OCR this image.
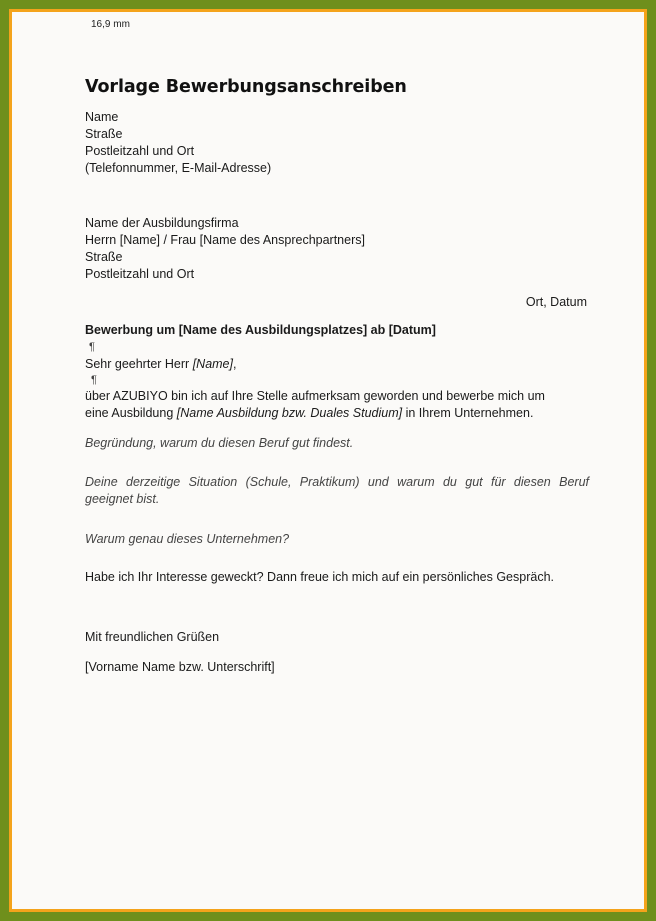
16,9 mm
Vorlage Bewerbungsanschreiben
Name
Straße
Postleitzahl und Ort
(Telefonnummer, E-Mail-Adresse)
Name der Ausbildungsfirma
Herrn [Name] / Frau [Name des Ansprechpartners]
Straße
Postleitzahl und Ort
Ort, Datum
Bewerbung um [Name des Ausbildungsplatzes] ab [Datum]
¶
Sehr geehrter Herr [Name],
¶
über AZUBIYO bin ich auf Ihre Stelle aufmerksam geworden und bewerbe mich um
eine Ausbildung [Name Ausbildung bzw. Duales Studium] in Ihrem Unternehmen.
Begründung, warum du diesen Beruf gut findest.
Deine derzeitige Situation (Schule, Praktikum) und warum du gut für diesen Beruf
geeignet bist.
Warum genau dieses Unternehmen?
Habe ich Ihr Interesse geweckt? Dann freue ich mich auf ein persönliches Gespräch.
Mit freundlichen Grüßen
[Vorname Name bzw. Unterschrift]
